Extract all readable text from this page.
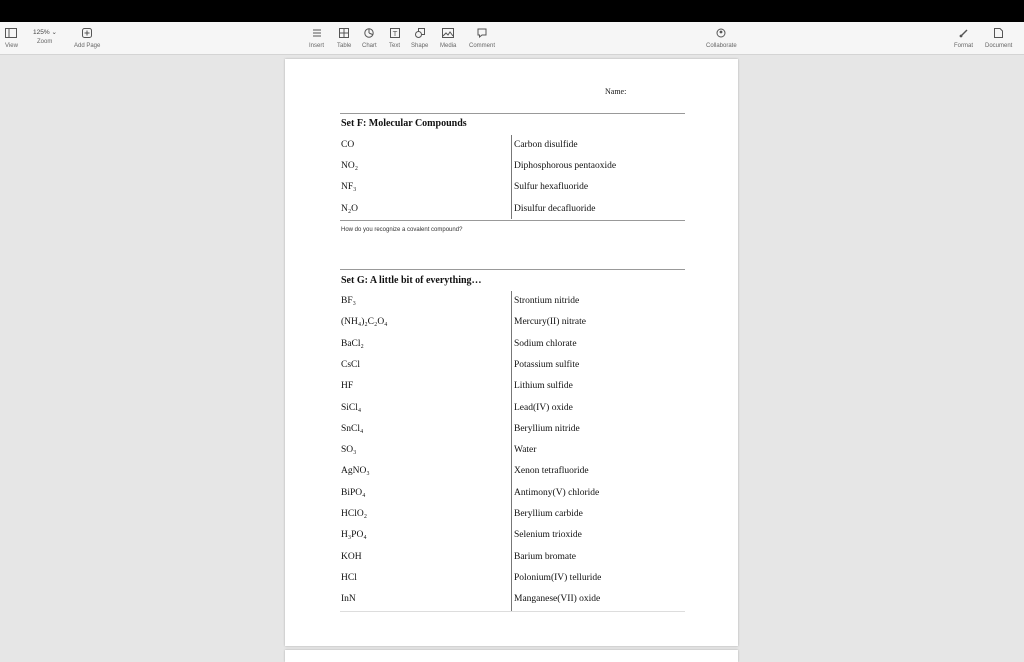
View
125% ⌄
Zoom
Add Page	Insert Table Chart
T
Text Shape Media Comment	Collaborate	Format Document
Name:
Set F: Molecular Compounds
CO	Carbon disulfide
NO₂	Diphosphorous pentaoxide
NF₃	Sulfur hexafluoride
N₂O	Disulfur decafluoride
How do you recognize a covalent compound?
Set G: A little bit of everything…
BF₃	Strontium nitride
(NH₄)₂C₂O₄	Mercury(II) nitrate
BaCl₂	Sodium chlorate
CsCl	Potassium sulfite
HF	Lithium sulfide
SiCl₄	Lead(IV) oxide
SnCl₄	Beryllium nitride
SO₃	Water
AgNO₃	Xenon tetrafluoride
BiPO₄	Antimony(V) chloride
HClO₂	Beryllium carbide
H₃PO₄	Selenium trioxide
KOH	Barium bromate
HCl	Polonium(IV) telluride
InN	Manganese(VII) oxide
